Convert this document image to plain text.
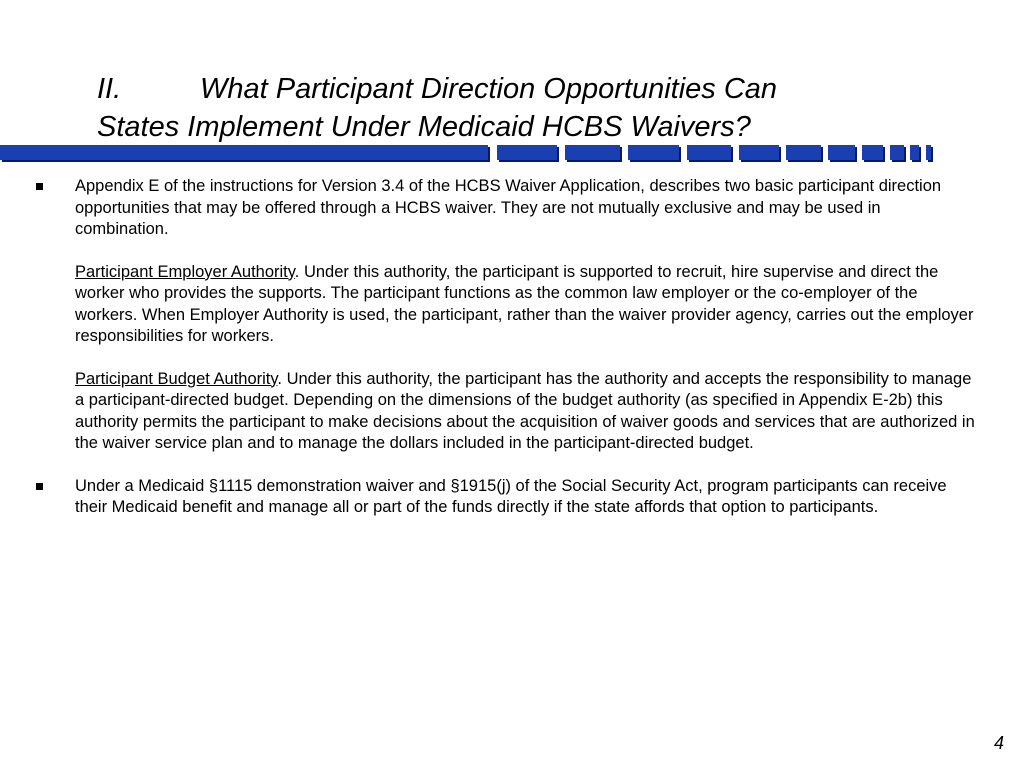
II.	What Participant Direction Opportunities Can
States Implement Under Medicaid HCBS Waivers?

Appendix E of the instructions for Version 3.4 of the HCBS Waiver Application, describes two basic participant direction opportunities that may be offered through a HCBS waiver. They are not mutually exclusive and may be used in combination.

Participant Employer Authority. Under this authority, the participant is supported to recruit, hire supervise and direct the worker who provides the supports. The participant functions as the common law employer or the co-employer of the workers. When Employer Authority is used, the participant, rather than the waiver provider agency, carries out the employer responsibilities for workers.

Participant Budget Authority. Under this authority, the participant has the authority and accepts the responsibility to manage a participant-directed budget. Depending on the dimensions of the budget authority (as specified in Appendix E-2b) this authority permits the participant to make decisions about the acquisition of waiver goods and services that are authorized in the waiver service plan and to manage the dollars included in the participant-directed budget.

Under a Medicaid §1115 demonstration waiver and §1915(j) of the Social Security Act, program participants can receive their Medicaid benefit and manage all or part of the funds directly if the state affords that option to participants.

4
